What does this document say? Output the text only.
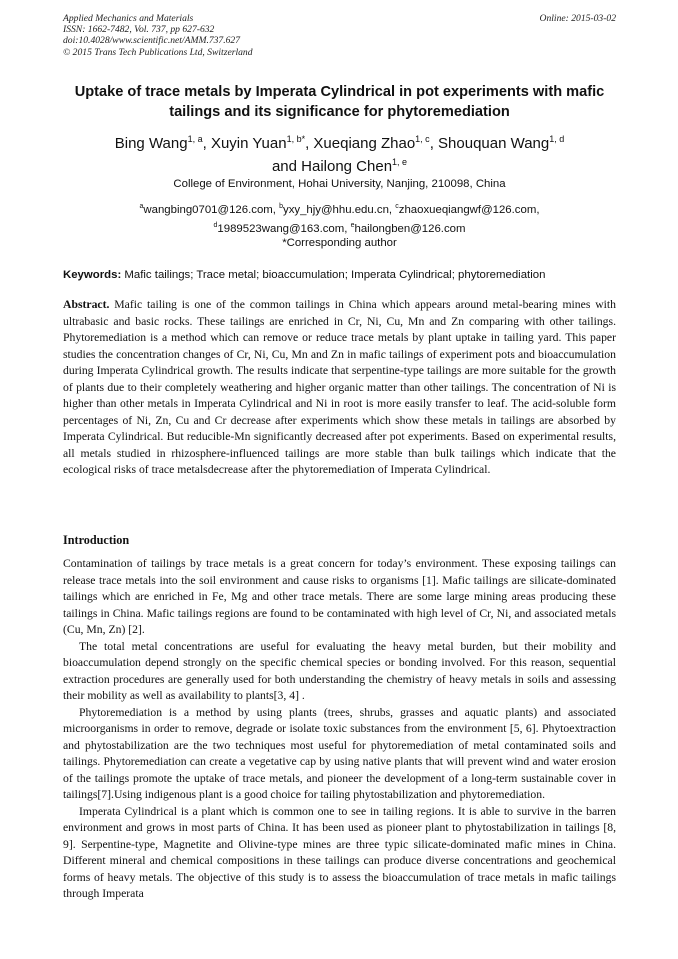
Applied Mechanics and Materials
ISSN: 1662-7482, Vol. 737, pp 627-632
doi:10.4028/www.scientific.net/AMM.737.627
© 2015 Trans Tech Publications Ltd, Switzerland
Online: 2015-03-02
Uptake of trace metals by Imperata Cylindrical in pot experiments with mafic tailings and its significance for phytoremediation
Bing Wang$^{1, a}$, Xuyin Yuan$^{1, b*}$, Xueqiang Zhao$^{1, c}$, Shouquan Wang$^{1, d}$
and Hailong Chen$^{1, e}$
College of Environment, Hohai University, Nanjing, 210098, China
$^a$wangbing0701@126.com, $^b$yxy_hjy@hhu.edu.cn, $^c$zhaoxueqiangwf@126.com,
$^d$1989523wang@163.com, $^e$hailongben@126.com
*Corresponding author
Keywords: Mafic tailings; Trace metal; bioaccumulation; Imperata Cylindrical; phytoremediation
Abstract. Mafic tailing is one of the common tailings in China which appears around metal-bearing mines with ultrabasic and basic rocks. These tailings are enriched in Cr, Ni, Cu, Mn and Zn comparing with other tailings. Phytoremediation is a method which can remove or reduce trace metals by plant uptake in tailing yard. This paper studies the concentration changes of Cr, Ni, Cu, Mn and Zn in mafic tailings of experiment pots and bioaccumulation during Imperata Cylindrical growth. The results indicate that serpentine-type tailings are more suitable for the growth of plants due to their completely weathering and higher organic matter than other tailings. The concentration of Ni is higher than other metals in Imperata Cylindrical and Ni in root is more easily transfer to leaf. The acid-soluble form percentages of Ni, Zn, Cu and Cr decrease after experiments which show these metals in tailings are absorbed by Imperata Cylindrical. But reducible-Mn significantly decreased after pot experiments. Based on experimental results, all metals studied in rhizosphere-influenced tailings are more stable than bulk tailings which indicate that the ecological risks of trace metalsdecrease after the phytoremediation of Imperata Cylindrical.
Introduction

Contamination of tailings by trace metals is a great concern for today’s environment. These exposing tailings can release trace metals into the soil environment and cause risks to organisms [1]. Mafic tailings are silicate-dominated tailings which are enriched in Fe, Mg and other trace metals. There are some large mining areas producing these tailings in China. Mafic tailings regions are found to be contaminated with high level of Cr, Ni, and associated metals (Cu, Mn, Zn) [2].

The total metal concentrations are useful for evaluating the heavy metal burden, but their mobility and bioaccumulation depend strongly on the specific chemical species or bonding involved. For this reason, sequential extraction procedures are generally used for both understanding the chemistry of heavy metals in soils and assessing their mobility as well as availability to plants[3, 4] .

Phytoremediation is a method by using plants (trees, shrubs, grasses and aquatic plants) and associated microorganisms in order to remove, degrade or isolate toxic substances from the environment [5, 6]. Phytoextraction and phytostabilization are the two techniques most useful for phytoremediation of metal contaminated soils and tailings. Phytoremediation can create a vegetative cap by using native plants that will prevent wind and water erosion of the tailings promote the uptake of trace metals, and pioneer the development of a long-term sustainable cover in tailings[7].Using indigenous plant is a good choice for tailing phytostabilization and phytoremediation.

Imperata Cylindrical is a plant which is common one to see in tailing regions. It is able to survive in the barren environment and grows in most parts of China. It has been used as pioneer plant to phytostabilization in tailings [8, 9]. Serpentine-type, Magnetite and Olivine-type mines are three typic silicate-dominated mafic mines in China. Different mineral and chemical compositions in these tailings can produce diverse concentrations and geochemical forms of heavy metals. The objective of this study is to assess the bioaccumulation of trace metals in mafic tailings through Imperata
